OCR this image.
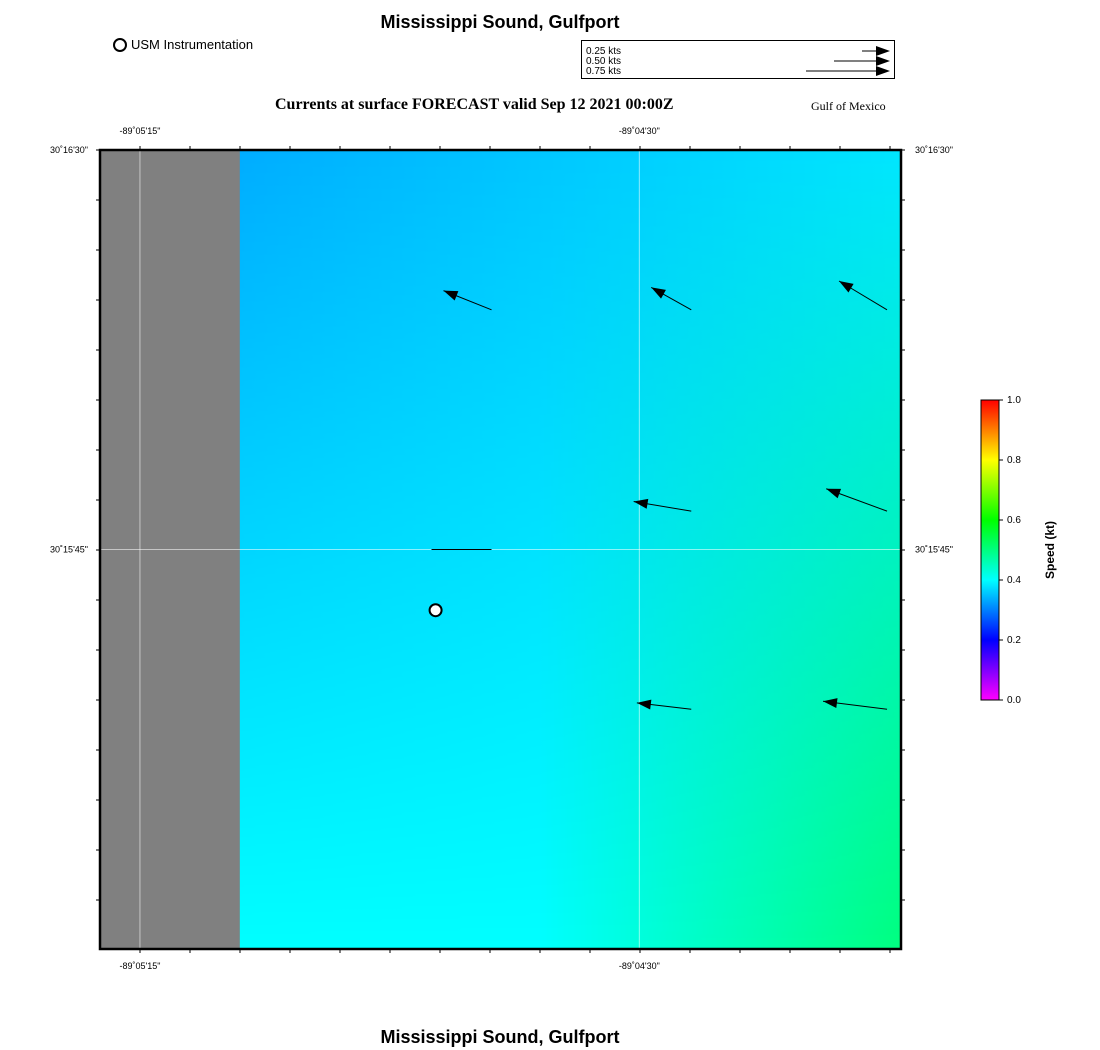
-89˚05'15"
-89˚05'15"
-89˚04'30"
-89˚04'30"
30˚16'30"	30˚16'30"
30˚15'45"	30˚15'45"
Mississippi Sound, Gulfport
USM Instrumentation	0.25 kts
0.50 kts
0.75 kts
Currents at surface FORECAST valid Sep 12 2021 00:00Z	Gulf of Mexico
0.0
0.2
0.4
0.6
0.8
1.0
Speed (kt)
Mississippi Sound, Gulfport
